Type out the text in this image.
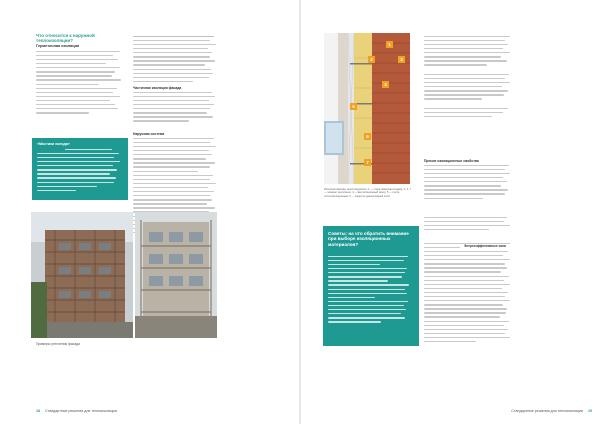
Что относится к наружной теплоизоляции?
Герметичная изоляция
«Мостики холода»
Частичная изоляция фасада
Наружная система
Примеры утепления фасада
18 Стандартные решения для теплоизоляции
1
2	3
4
5
6
7
Изоляция фасада, вентилируемого: 1 — стена (сквозная кладка), 2, 3, 7 — элемент крепления, 4 — вентиляционный зазор, 5 — плита теплоизоляционная, 6 — защитно-декоративный слой
Советы: на что обратить внимание при выборе изоляционных материалов?
Прочие изоляционные свойства
Энергоэффективные окна
Стандартные решения для теплоизоляции 19
